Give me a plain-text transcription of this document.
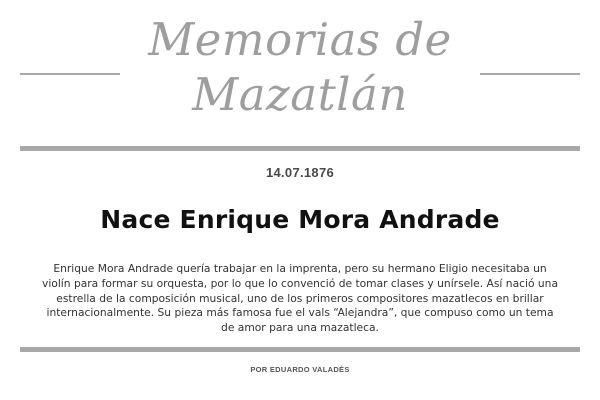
Memorias de Mazatlán
14.07.1876
Nace Enrique Mora Andrade
Enrique Mora Andrade quería trabajar en la imprenta, pero su hermano Eligio necesitaba un violín para formar su orquesta, por lo que lo convenció de tomar clases y unírsele. Así nació una estrella de la composición musical, uno de los primeros compositores mazatlecos en brillar internacionalmente. Su pieza más famosa fue el vals “Alejandra”, que compuso como un tema de amor para una mazatleca.
POR EDUARDO VALADÉS
